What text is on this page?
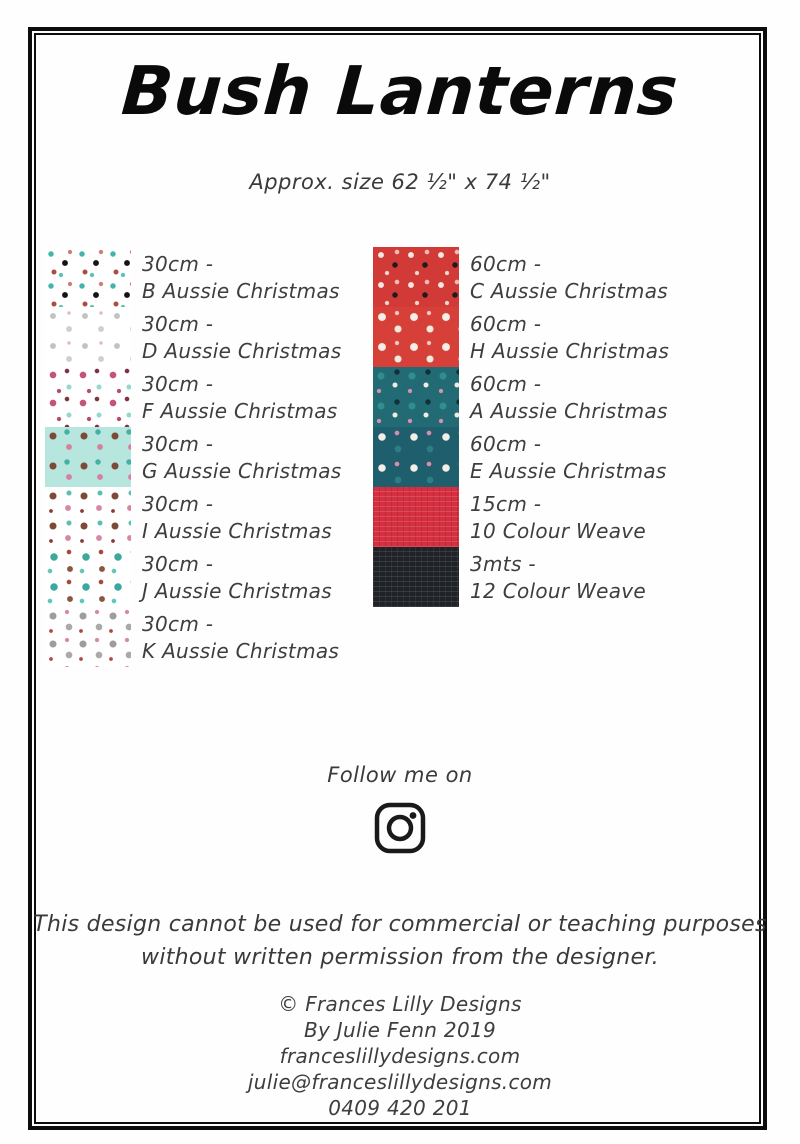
Bush Lanterns
Approx. size 62 ½" x 74 ½"
30cm -
B Aussie Christmas
30cm -
D Aussie Christmas
30cm -
F Aussie Christmas
30cm -
G Aussie Christmas
30cm -
I Aussie Christmas
30cm -
J Aussie Christmas
30cm -
K Aussie Christmas
60cm -
C Aussie Christmas
60cm -
H Aussie Christmas
60cm -
A Aussie Christmas
60cm -
E Aussie Christmas
15cm -
10 Colour Weave
3mts -
12 Colour Weave
Follow me on
This design cannot be used for commercial or teaching purposes
without written permission from the designer.
© Frances Lilly Designs
By Julie Fenn 2019
franceslillydesigns.com
julie@franceslillydesigns.com
0409 420 201
